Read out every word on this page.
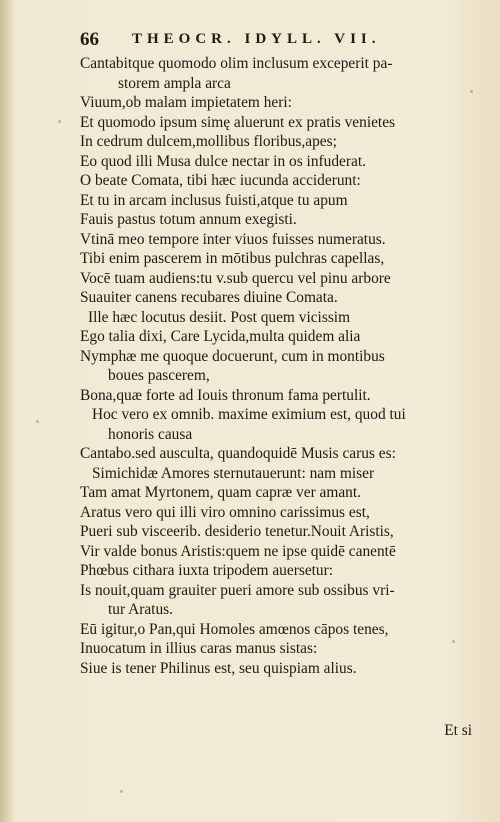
66 THEOCR. IDYLL. VII.
Cantabitque quomodo olim inclusum exceperit pa-
storem ampla arca
Viuum,ob malam impietatem heri:
Et quomodo ipsum simę aluerunt ex pratis venietes
In cedrum dulcem,mollibus floribus,apes;
Eo quod illi Musa dulce nectar in os infuderat.
O beate Comata, tibi hæc iucunda acciderunt:
Et tu in arcam inclusus fuisti,atque tu apum
Fauis pastus totum annum exegisti.
Vtinā meo tempore inter viuos fuisses numeratus.
Tibi enim pascerem in mōtibus pulchras capellas,
Vocē tuam audiens:tu v.sub quercu vel pinu arbore
Suauiter canens recubares diuine Comata.
Ille hæc locutus desiit. Post quem vicissim
Ego talia dixi, Care Lycida,multa quidem alia
Nymphæ me quoque docuerunt, cum in montibus
boues pascerem,
Bona,quæ forte ad Iouis thronum fama pertulit.
Hoc vero ex omnib. maxime eximium est, quod tui
honoris causa
Cantabo.sed ausculta, quandoquidē Musis carus es:
Simichidæ Amores sternutauerunt: nam miser
Tam amat Myrtonem, quam capræ ver amant.
Aratus vero qui illi viro omnino carissimus est,
Pueri sub visceerib. desiderio tenetur.Nouit Aristis,
Vir valde bonus Aristis:quem ne ipse quidē canentē
Phœbus cithara iuxta tripodem auersetur:
Is nouit,quam grauiter pueri amore sub ossibus vri-
tur Aratus.
Eū igitur,o Pan,qui Homoles amœnos cāpos tenes,
Inuocatum in illius caras manus sistas:
Siue is tener Philinus est, seu quispiam alius.
Et si
